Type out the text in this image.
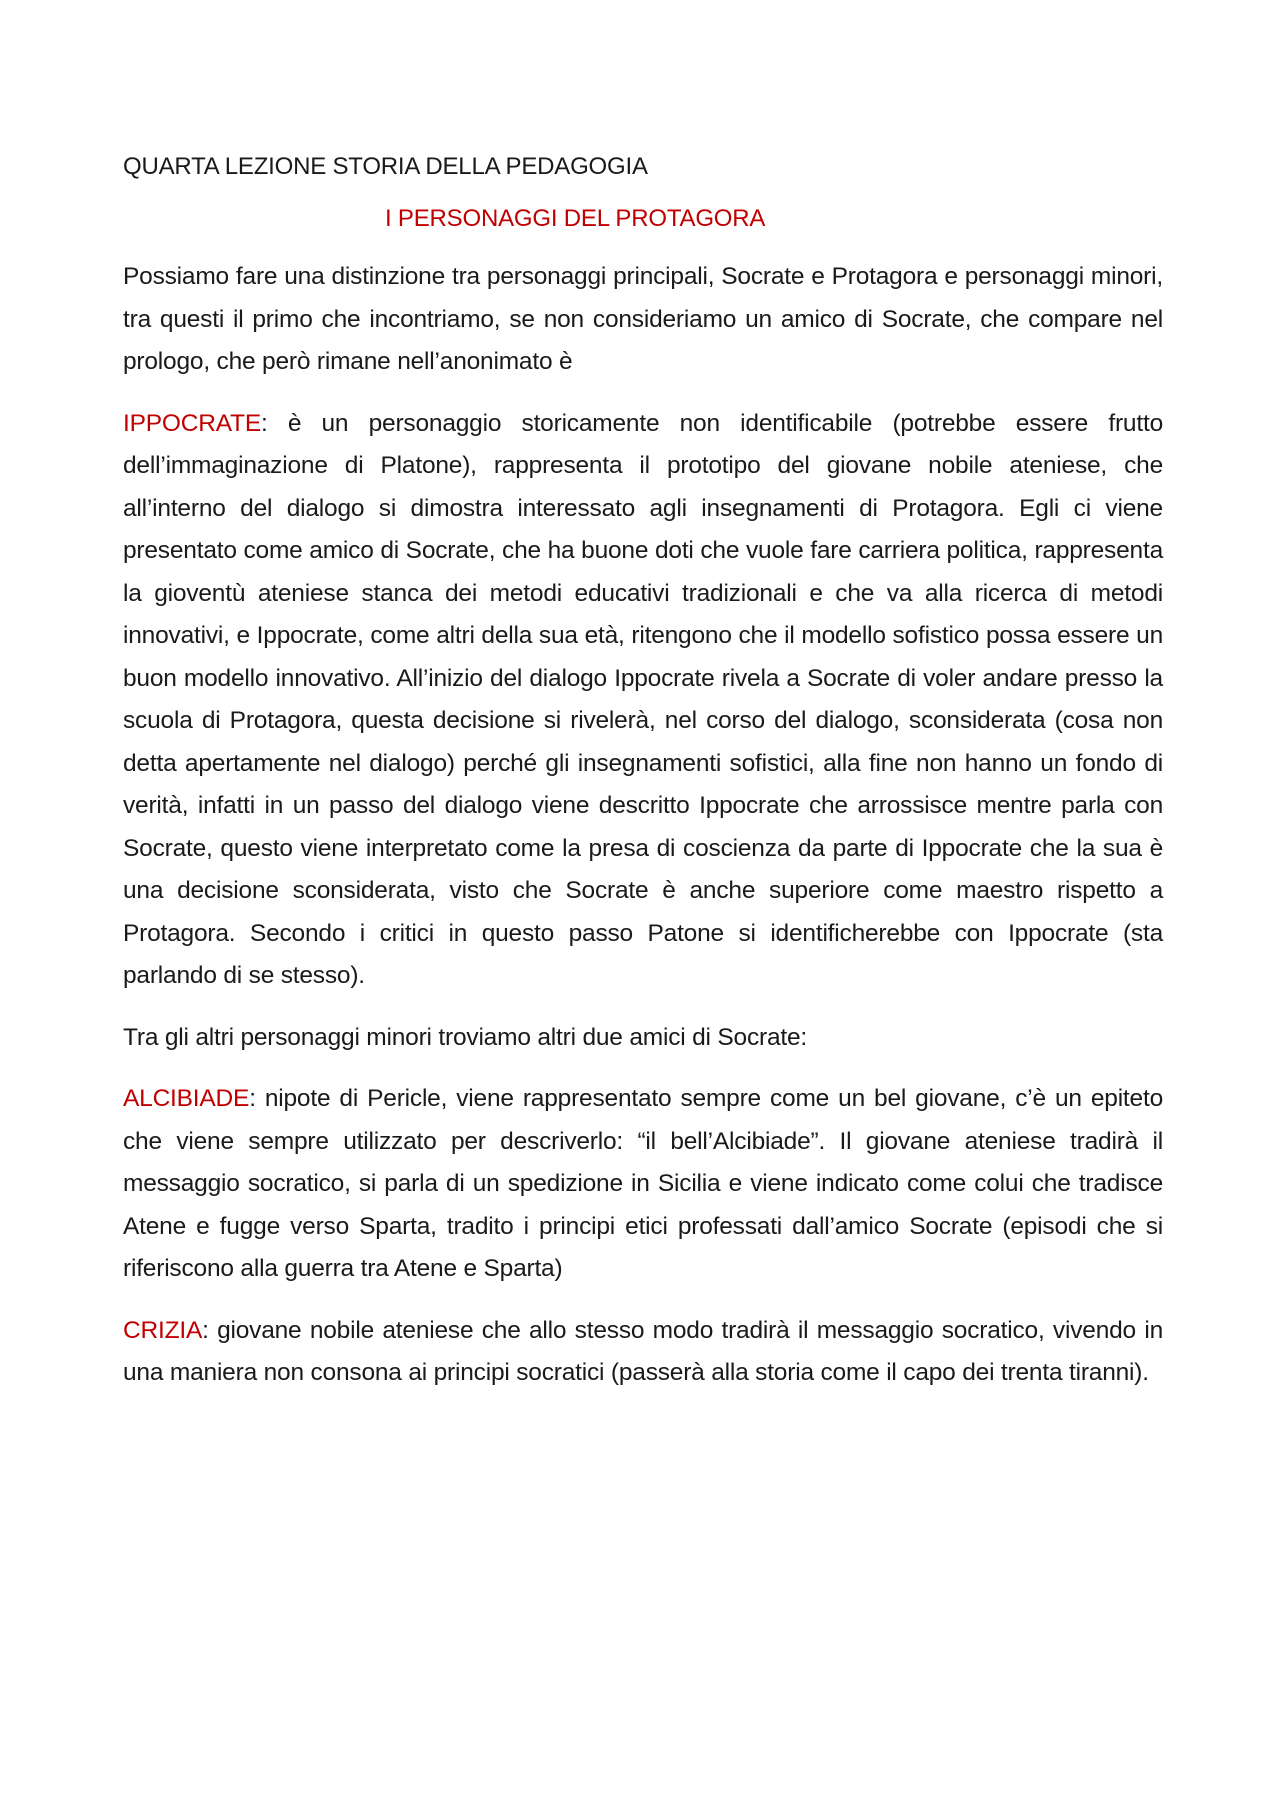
QUARTA LEZIONE STORIA DELLA PEDAGOGIA
I PERSONAGGI DEL PROTAGORA

Possiamo fare una distinzione tra personaggi principali, Socrate e Protagora e personaggi minori, tra questi il primo che incontriamo, se non consideriamo un amico di Socrate, che compare nel prologo, che però rimane nell’anonimato è

IPPOCRATE: è un personaggio storicamente non identificabile (potrebbe essere frutto dell’immaginazione di Platone), rappresenta il prototipo del giovane nobile ateniese, che all’interno del dialogo si dimostra interessato agli insegnamenti di Protagora. Egli ci viene presentato come amico di Socrate, che ha buone doti che vuole fare carriera politica, rappresenta la gioventù ateniese stanca dei metodi educativi tradizionali e che va alla ricerca di metodi innovativi, e Ippocrate, come altri della sua età, ritengono che il modello sofistico possa essere un buon modello innovativo. All’inizio del dialogo Ippocrate rivela a Socrate di voler andare presso la scuola di Protagora, questa decisione si rivelerà, nel corso del dialogo, sconsiderata (cosa non detta apertamente nel dialogo) perché gli insegnamenti sofistici, alla fine non hanno un fondo di verità, infatti in un passo del dialogo viene descritto Ippocrate che arrossisce mentre parla con Socrate, questo viene interpretato come la presa di coscienza da parte di Ippocrate che la sua è una decisione sconsiderata, visto che Socrate è anche superiore come maestro rispetto a Protagora. Secondo i critici in questo passo Patone si identificherebbe con Ippocrate (sta parlando di se stesso).

Tra gli altri personaggi minori troviamo altri due amici di Socrate:

ALCIBIADE: nipote di Pericle, viene rappresentato sempre come un bel giovane, c’è un epiteto che viene sempre utilizzato per descriverlo: “il bell’Alcibiade”. Il giovane ateniese tradirà il messaggio socratico, si parla di un spedizione in Sicilia e viene indicato come colui che tradisce Atene e fugge verso Sparta, tradito i principi etici professati dall’amico Socrate (episodi che si riferiscono alla guerra tra Atene e Sparta)

CRIZIA: giovane nobile ateniese che allo stesso modo tradirà il messaggio socratico, vivendo in una maniera non consona ai principi socratici (passerà alla storia come il capo dei trenta tiranni).
